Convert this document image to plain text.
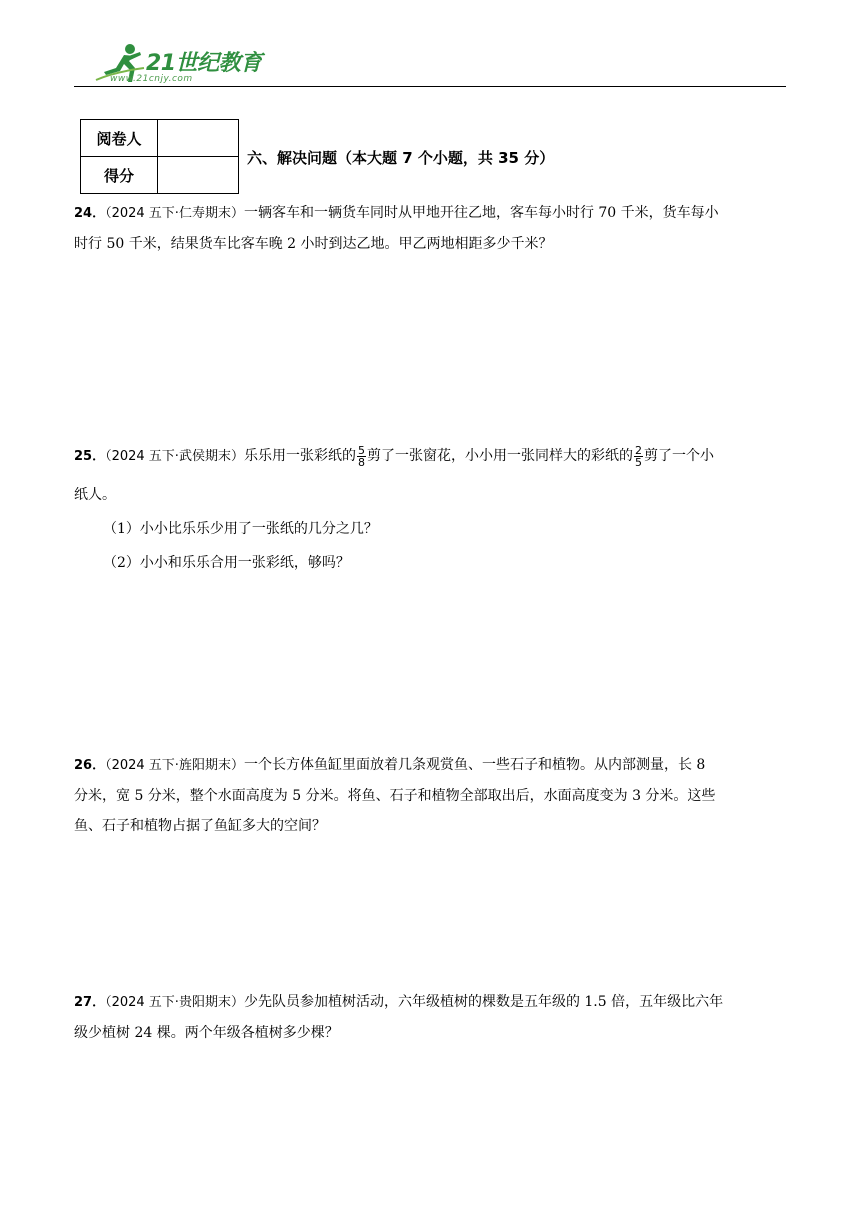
21世纪教育
www.21cnjy.com
阅卷人	
得分	
六、解决问题（本大题 7 个小题，共 35 分）
24．（2024 五下·仁寿期末）一辆客车和一辆货车同时从甲地开往乙地，客车每小时行 70 千米，货车每小
时行 50 千米，结果货车比客车晚 2 小时到达乙地。甲乙两地相距多少千米？
25．（2024 五下·武侯期末）乐乐用一张彩纸的 $\frac{5}{8}$ 剪了一张窗花，小小用一张同样大的彩纸的 $\frac{2}{5}$ 剪了一个小
纸人。
（1）小小比乐乐少用了一张纸的几分之几？
（2）小小和乐乐合用一张彩纸，够吗？
26．（2024 五下·旌阳期末）一个长方体鱼缸里面放着几条观赏鱼、一些石子和植物。从内部测量，长 8
分米，宽 5 分米，整个水面高度为 5 分米。将鱼、石子和植物全部取出后，水面高度变为 3 分米。这些
鱼、石子和植物占据了鱼缸多大的空间？
27．（2024 五下·贵阳期末）少先队员参加植树活动，六年级植树的棵数是五年级的 1.5 倍，五年级比六年
级少植树 24 棵。两个年级各植树多少棵？
